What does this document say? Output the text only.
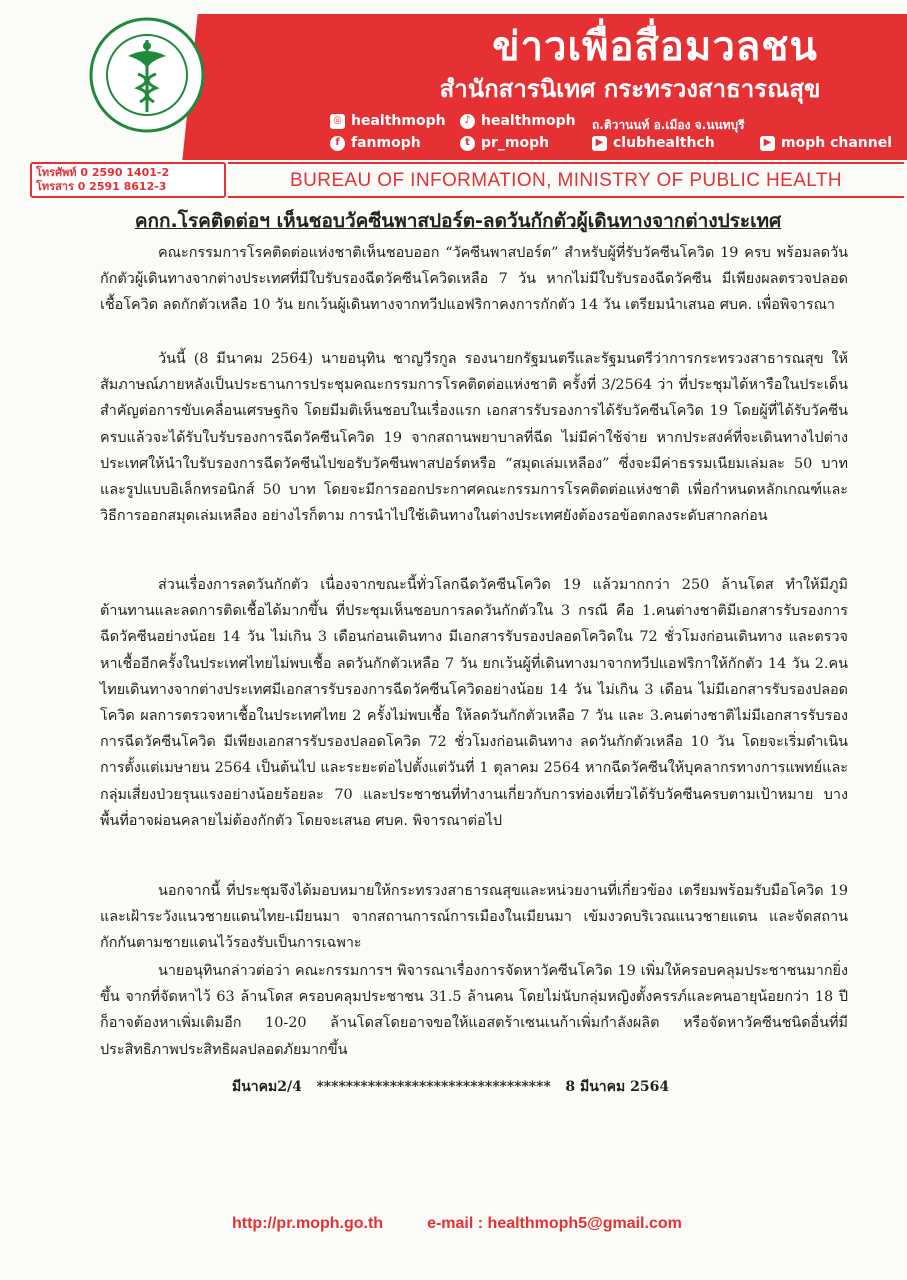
ข่าวเพื่อสื่อมวลชน
สำนักสารนิเทศ กระทรวงสาธารณสุข
◎ healthmoph	♪ healthmoph ถ.ติวานนท์ อ.เมือง จ.นนทบุรี
f fanmoph	t pr_moph	▶ clubhealthch	▶ moph channel
โทรศัพท์ 0 2590 1401-2
โทรสาร 0 2591 8612-3	BUREAU OF INFORMATION, MINISTRY OF PUBLIC HEALTH
คกก.โรคติดต่อฯ เห็นชอบวัคซีนพาสปอร์ต-ลดวันกักตัวผู้เดินทางจากต่างประเทศ

คณะกรรมการโรคติดต่อแห่งชาติเห็นชอบออก “วัคซีนพาสปอร์ต” สำหรับผู้ที่รับวัคซีนโควิด 19 ครบ พร้อมลดวันกักตัวผู้เดินทางจากต่างประเทศที่มีใบรับรองฉีดวัคซีนโควิดเหลือ 7 วัน หากไม่มีใบรับรองฉีดวัคซีน มีเพียงผลตรวจปลอดเชื้อโควิด ลดกักตัวเหลือ 10 วัน ยกเว้นผู้เดินทางจากทวีปแอฟริกาคงการกักตัว 14 วัน เตรียมนำเสนอ ศบค. เพื่อพิจารณา

วันนี้ (8 มีนาคม 2564) นายอนุทิน ชาญวีรกูล รองนายกรัฐมนตรีและรัฐมนตรีว่าการกระทรวงสาธารณสุข ให้สัมภาษณ์ภายหลังเป็นประธานการประชุมคณะกรรมการโรคติดต่อแห่งชาติ ครั้งที่ 3/2564 ว่า ที่ประชุมได้หารือในประเด็นสำคัญต่อการขับเคลื่อนเศรษฐกิจ โดยมีมติเห็นชอบในเรื่องแรก เอกสารรับรองการได้รับวัคซีนโควิด 19 โดยผู้ที่ได้รับวัคซีนครบแล้วจะได้รับใบรับรองการฉีดวัคซีนโควิด 19 จากสถานพยาบาลที่ฉีด ไม่มีค่าใช้จ่าย หากประสงค์ที่จะเดินทางไปต่างประเทศให้นำใบรับรองการฉีดวัคซีนไปขอรับวัคซีนพาสปอร์ตหรือ “สมุดเล่มเหลือง” ซึ่งจะมีค่าธรรมเนียมเล่มละ 50 บาท และรูปแบบอิเล็กทรอนิกส์ 50 บาท โดยจะมีการออกประกาศคณะกรรมการโรคติดต่อแห่งชาติ เพื่อกำหนดหลักเกณฑ์และวิธีการออกสมุดเล่มเหลือง อย่างไรก็ตาม การนำไปใช้เดินทางในต่างประเทศยังต้องรอข้อตกลงระดับสากลก่อน

ส่วนเรื่องการลดวันกักตัว เนื่องจากขณะนี้ทั่วโลกฉีดวัคซีนโควิด 19 แล้วมากกว่า 250 ล้านโดส ทำให้มีภูมิต้านทานและลดการติดเชื้อได้มากขึ้น ที่ประชุมเห็นชอบการลดวันกักตัวใน 3 กรณี คือ 1.คนต่างชาติมีเอกสารรับรองการฉีดวัคซีนอย่างน้อย 14 วัน ไม่เกิน 3 เดือนก่อนเดินทาง มีเอกสารรับรองปลอดโควิดใน 72 ชั่วโมงก่อนเดินทาง และตรวจหาเชื้ออีกครั้งในประเทศไทยไม่พบเชื้อ ลดวันกักตัวเหลือ 7 วัน ยกเว้นผู้ที่เดินทางมาจากทวีปแอฟริกาให้กักตัว 14 วัน 2.คนไทยเดินทางจากต่างประเทศมีเอกสารรับรองการฉีดวัคซีนโควิดอย่างน้อย 14 วัน ไม่เกิน 3 เดือน ไม่มีเอกสารรับรองปลอดโควิด ผลการตรวจหาเชื้อในประเทศไทย 2 ครั้งไม่พบเชื้อ ให้ลดวันกักตัวเหลือ 7 วัน และ 3.คนต่างชาติไม่มีเอกสารรับรองการฉีดวัคซีนโควิด มีเพียงเอกสารรับรองปลอดโควิด 72 ชั่วโมงก่อนเดินทาง ลดวันกักตัวเหลือ 10 วัน โดยจะเริ่มดำเนินการตั้งแต่เมษายน 2564 เป็นต้นไป และระยะต่อไปตั้งแต่วันที่ 1 ตุลาคม 2564 หากฉีดวัคซีนให้บุคลากรทางการแพทย์และกลุ่มเสี่ยงป่วยรุนแรงอย่างน้อยร้อยละ 70 และประชาชนที่ทำงานเกี่ยวกับการท่องเที่ยวได้รับวัคซีนครบตามเป้าหมาย บางพื้นที่อาจผ่อนคลายไม่ต้องกักตัว โดยจะเสนอ ศบค. พิจารณาต่อไป

นอกจากนี้ ที่ประชุมจึงได้มอบหมายให้กระทรวงสาธารณสุขและหน่วยงานที่เกี่ยวข้อง เตรียมพร้อมรับมือโควิด 19 และเฝ้าระวังแนวชายแดนไทย-เมียนมา จากสถานการณ์การเมืองในเมียนมา เข้มงวดบริเวณแนวชายแดน และจัดสถานกักกันตามชายแดนไว้รองรับเป็นการเฉพาะ

นายอนุทินกล่าวต่อว่า คณะกรรมการฯ พิจารณาเรื่องการจัดหาวัคซีนโควิด 19 เพิ่มให้ครอบคลุมประชาชนมากยิ่งขึ้น จากที่จัดหาไว้ 63 ล้านโดส ครอบคลุมประชาชน 31.5 ล้านคน โดยไม่นับกลุ่มหญิงตั้งครรภ์และคนอายุน้อยกว่า 18 ปี ก็อาจต้องหาเพิ่มเติมอีก 10-20 ล้านโดสโดยอาจขอให้แอสตร้าเซนเนก้าเพิ่มกำลังผลิต หรือจัดหาวัคซีนชนิดอื่นที่มีประสิทธิภาพประสิทธิผลปลอดภัยมากขึ้น

มีนาคม2/4 ******************************** 8 มีนาคม 2564
http://pr.moph.go.th	e-mail : healthmoph5@gmail.com
